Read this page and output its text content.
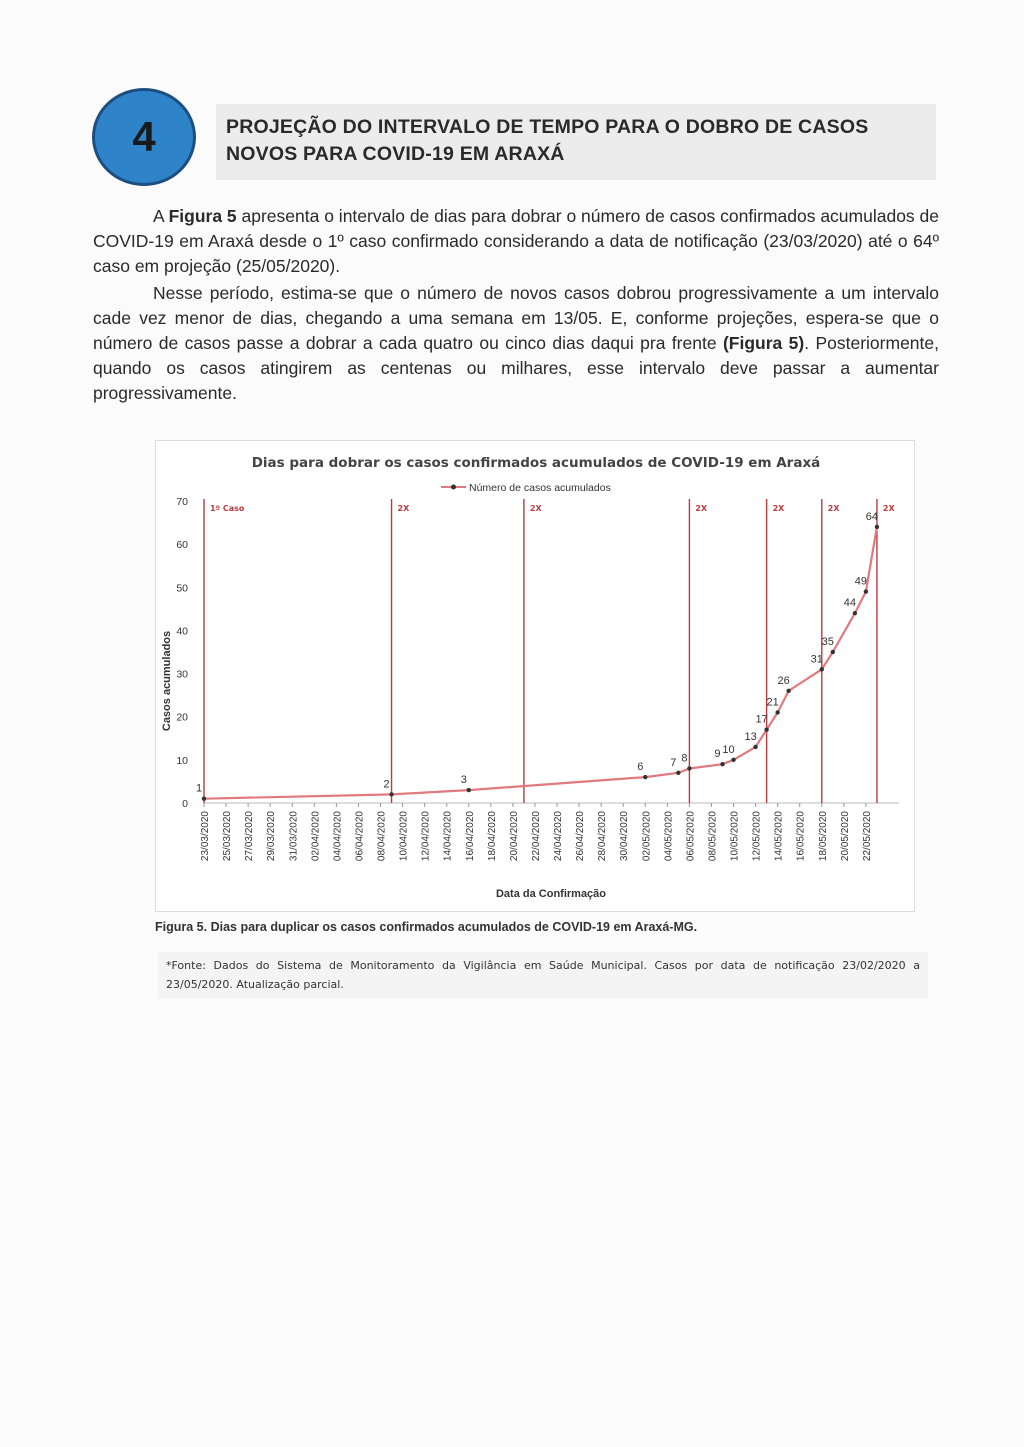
4	PROJEÇÃO DO INTERVALO DE TEMPO PARA O DOBRO DE CASOS

NOVOS PARA COVID-19 EM ARAXÁ

A Figura 5 apresenta o intervalo de dias para dobrar o número de casos confirmados acumulados de COVID-19 em Araxá desde o 1º caso confirmado considerando a data de notificação (23/03/2020) até o 64º caso em projeção (25/05/2020).

Nesse período, estima-se que o número de novos casos dobrou progressivamente a um intervalo cade vez menor de dias, chegando a uma semana em 13/05. E, conforme projeções, espera-se que o número de casos passe a dobrar a cada quatro ou cinco dias daqui pra frente (Figura 5). Posteriormente, quando os casos atingirem as centenas ou milhares, esse intervalo deve passar a aumentar progressivamente.

Dias para dobrar os casos confirmados acumulados de COVID-19 em Araxá
Número de casos acumulados
Casos acumulados
Data da Confirmação
0
10
20
30
40
50
60
70
23/03/2020 25/03/2020 27/03/2020 29/03/2020 31/03/2020 02/04/2020 04/04/2020 06/04/2020 08/04/2020 10/04/2020 12/04/2020 14/04/2020 16/04/2020 18/04/2020 20/04/2020 22/04/2020 24/04/2020 26/04/2020 28/04/2020 30/04/2020 02/05/2020 04/05/2020 06/05/2020 08/05/2020 10/05/2020 12/05/2020 14/05/2020 16/05/2020 18/05/2020 20/05/2020 22/05/2020
1º Caso	2X	2X	2X	2X	2X	2X
1	2	3
6 7 8 9 10
13
17
21
26
31
35
44
49
64
Figura 5. Dias para duplicar os casos confirmados acumulados de COVID-19 em Araxá-MG.
*Fonte: Dados do Sistema de Monitoramento da Vigilância em Saúde Municipal. Casos por data de notificação 23/02/2020 a 23/05/2020. Atualização parcial.
